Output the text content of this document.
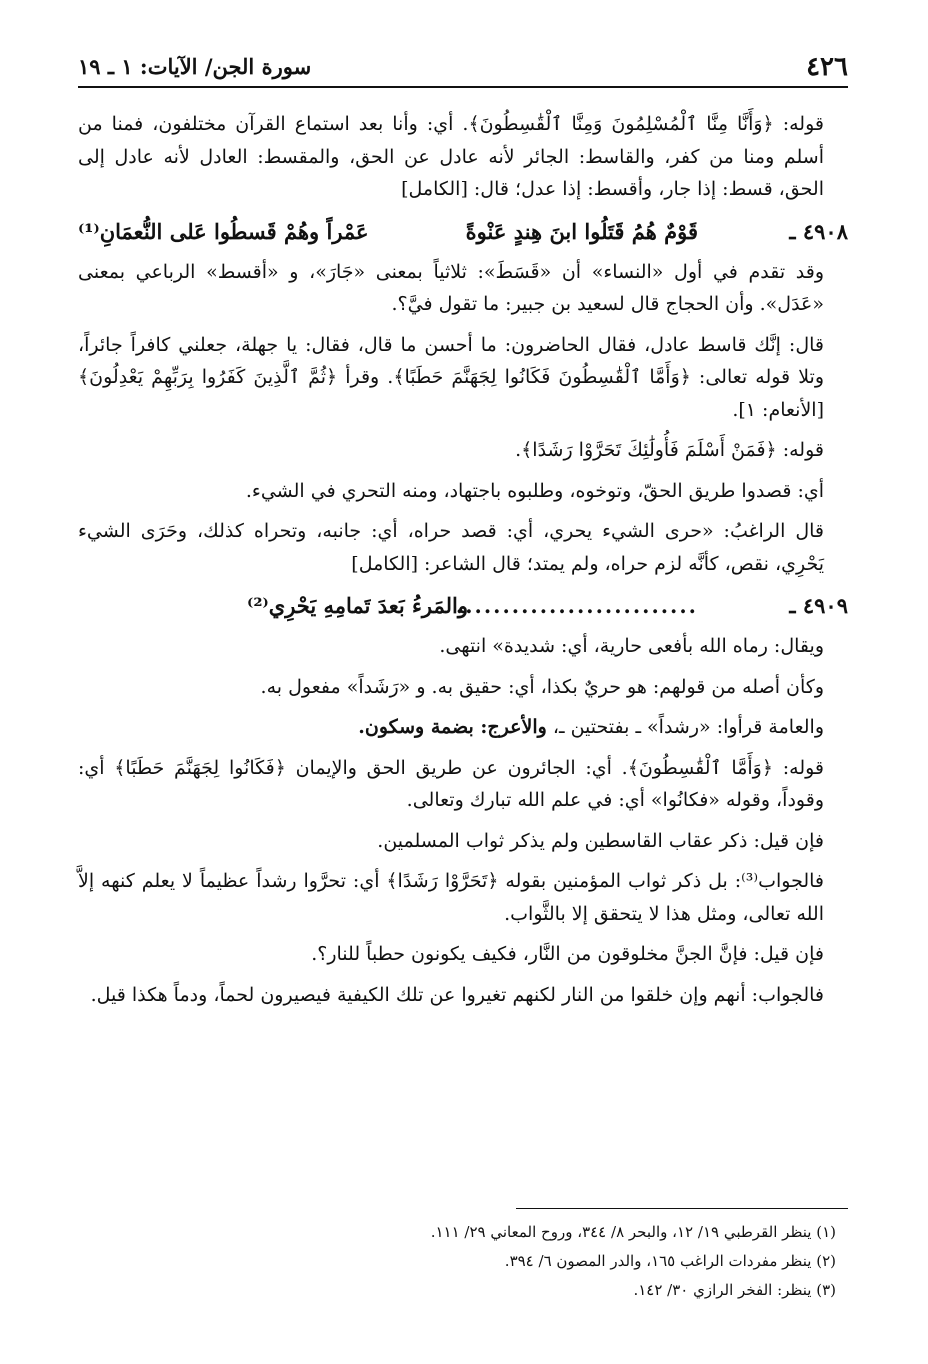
٤٢٦
سورة الجن/ الآيات: ١ ـ ١٩

قوله: ﴿وَأَنَّا مِنَّا ٱلْمُسْلِمُونَ وَمِنَّا ٱلْقَٰسِطُونَ﴾. أي: وأنا بعد استماع القرآن مختلفون، فمنا من أسلم ومنا من كفر، والقاسط: الجائر لأنه عادل عن الحق، والمقسط: العادل لأنه عادل إلى الحق، قسط: إذا جار، وأقسط: إذا عدل؛ قال: [الكامل]

٤٩٠٨ ـ
قَوْمٌ هُمُ قَتَلُوا ابنَ هِندٍ عَنْوةً
عَمْراً وهُمْ قَسطُوا عَلى النُّعمَانِ⁽¹⁾

وقد تقدم في أول «النساء» أن «قَسَطَ»: ثلاثياً بمعنى «جَارَ»، و «أقسط» الرباعي بمعنى «عَدَل». وأن الحجاج قال لسعيد بن جبير: ما تقول فيَّ؟.

قال: إنَّك قاسط عادل، فقال الحاضرون: ما أحسن ما قال، فقال: يا جهلة، جعلني كافراً جائراً، وتلا قوله تعالى: ﴿وَأَمَّا ٱلْقَٰسِطُونَ فَكَانُوا لِجَهَنَّمَ حَطَبًا﴾. وقرأ ﴿ثُمَّ ٱلَّذِينَ كَفَرُوا بِرَبِّهِمْ يَعْدِلُونَ﴾ [الأنعام: ١].

قوله: ﴿فَمَنْ أَسْلَمَ فَأُولَٰئِكَ تَحَرَّوْا رَشَدًا﴾.

أي: قصدوا طريق الحقّ، وتوخوه، وطلبوه باجتهاد، ومنه التحري في الشيء.

قال الراغبُ: «حرى الشيء يحري، أي: قصد حراه، أي: جانبه، وتحراه كذلك، وحَرَى الشيء يَحْرِي، نقص، كأنَّه لزم حراه، ولم يمتد؛ قال الشاعر: [الكامل]

٤٩٠٩ ـ
..........................
والمَرءُ بَعدَ تَمامِهِ يَحْرِي⁽²⁾

ويقال: رماه الله بأفعى حارية، أي: شديدة» انتهى.

وكأن أصله من قولهم: هو حريٌ بكذا، أي: حقيق به. و «رَشَداً» مفعول به.

والعامة قرأوا: «رشداً» ـ بفتحتين ـ، والأعرج: بضمة وسكون.

قوله: ﴿وَأَمَّا ٱلْقَٰسِطُونَ﴾. أي: الجائرون عن طريق الحق والإيمان ﴿فَكَانُوا لِجَهَنَّمَ حَطَبًا﴾ أي: وقوداً، وقوله «فكانُوا» أي: في علم الله تبارك وتعالى.

فإن قيل: ذكر عقاب القاسطين ولم يذكر ثواب المسلمين.

فالجواب⁽³⁾: بل ذكر ثواب المؤمنين بقوله ﴿تَحَرَّوْا رَشَدًا﴾ أي: تحرَّوا رشداً عظيماً لا يعلم كنهه إلاَّ الله تعالى، ومثل هذا لا يتحقق إلا بالثَّواب.

فإن قيل: فإنَّ الجنَّ مخلوقون من النَّار، فكيف يكونون حطباً للنار؟.

فالجواب: أنهم وإن خلقوا من النار لكنهم تغيروا عن تلك الكيفية فيصيرون لحماً، ودماً هكذا قيل.

(١) ينظر القرطبي ١٩/ ١٢، والبحر ٨/ ٣٤٤، وروح المعاني ٢٩/ ١١١.

(٢) ينظر مفردات الراغب ١٦٥، والدر المصون ٦/ ٣٩٤.

(٣) ينظر: الفخر الرازي ٣٠/ ١٤٢.
